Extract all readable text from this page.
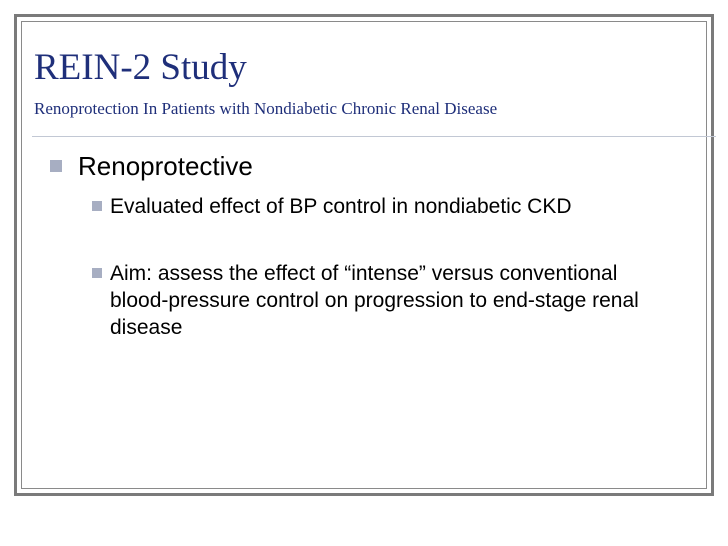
REIN-2 Study

Renoprotection In Patients with Nondiabetic Chronic Renal Disease

Renoprotective
Evaluated effect of BP control in nondiabetic CKD
Aim: assess the effect of “intense” versus conventional blood-pressure control on progression to end-stage renal disease
